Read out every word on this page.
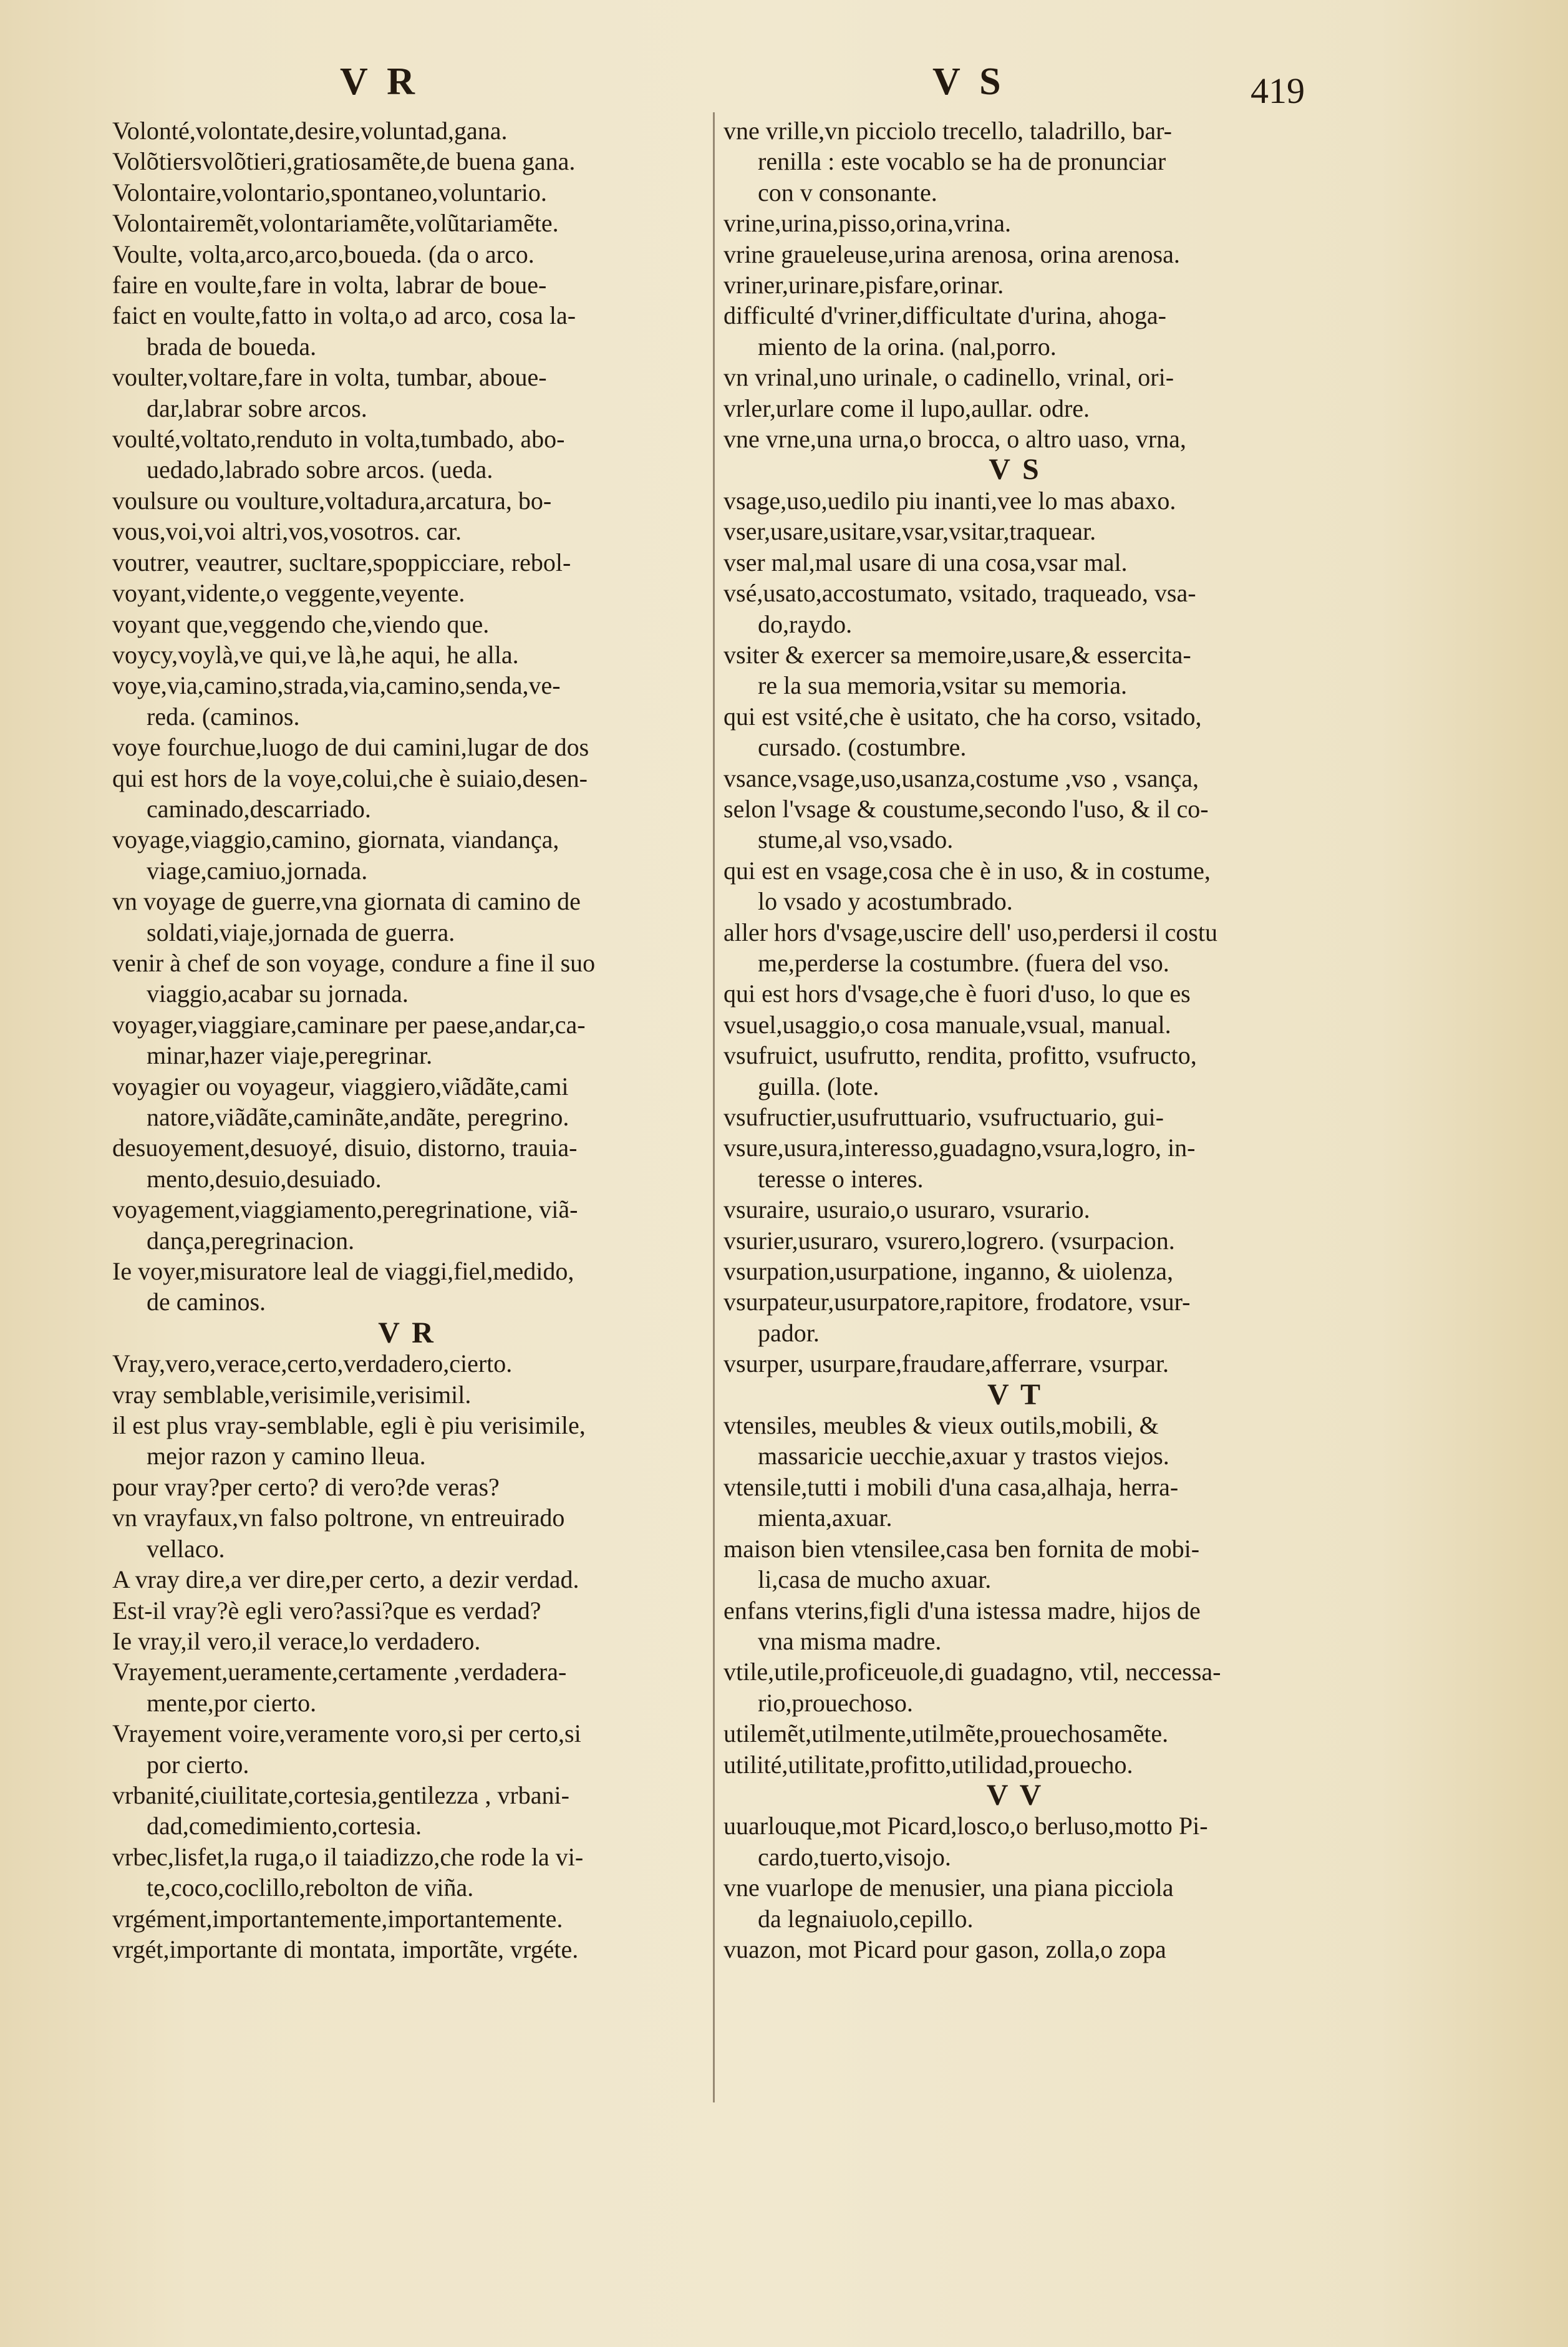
V R	V S	419

Volonté,volontate,desire,voluntad,gana.

Volõtiersvolõtieri,gratiosamẽte,de buena gana.

Volontaire,volontario,spontaneo,voluntario.

Volontairemẽt,volontariamẽte,volũtariamẽte.

Voulte, volta,arco,arco,boueda. (da o arco.

faire en voulte,fare in volta, labrar de boue-

faict en voulte,fatto in volta,o ad arco, cosa la-

brada de boueda.

voulter,voltare,fare in volta, tumbar, aboue-

dar,labrar sobre arcos.

voulté,voltato,renduto in volta,tumbado, abo-

uedado,labrado sobre arcos. (ueda.

voulsure ou voulture,voltadura,arcatura, bo-

vous,voi,voi altri,vos,vosotros. car.

voutrer, veautrer, sucltare,spoppicciare, rebol-

voyant,vidente,o veggente,veyente.

voyant que,veggendo che,viendo que.

voycy,voylà,ve qui,ve là,he aqui, he alla.

voye,via,camino,strada,via,camino,senda,ve-

reda. (caminos.

voye fourchue,luogo de dui camini,lugar de dos

qui est hors de la voye,colui,che è suiaio,desen-

caminado,descarriado.

voyage,viaggio,camino, giornata, viandança,

viage,camiuo,jornada.

vn voyage de guerre,vna giornata di camino de

soldati,viaje,jornada de guerra.

venir à chef de son voyage, condure a fine il suo

viaggio,acabar su jornada.

voyager,viaggiare,caminare per paese,andar,ca-

minar,hazer viaje,peregrinar.

voyagier ou voyageur, viaggiero,viãdãte,cami

natore,viãdãte,caminãte,andãte, peregrino.

desuoyement,desuoyé, disuio, distorno, trauia-

mento,desuio,desuiado.

voyagement,viaggiamento,peregrinatione, viã-

dança,peregrinacion.

Ie voyer,misuratore leal de viaggi,fiel,medido,

de caminos.

V R

Vray,vero,verace,certo,verdadero,cierto.

vray semblable,verisimile,verisimil.

il est plus vray-semblable, egli è piu verisimile,

mejor razon y camino lleua.

pour vray?per certo? di vero?de veras?

vn vrayfaux,vn falso poltrone, vn entreuirado

vellaco.

A vray dire,a ver dire,per certo, a dezir verdad.

Est-il vray?è egli vero?assi?que es verdad?

Ie vray,il vero,il verace,lo verdadero.

Vrayement,ueramente,certamente ,verdadera-

mente,por cierto.

Vrayement voire,veramente voro,si per certo,si

por cierto.

vrbanité,ciuilitate,cortesia,gentilezza , vrbani-

dad,comedimiento,cortesia.

vrbec,lisfet,la ruga,o il taiadizzo,che rode la vi-

te,coco,coclillo,rebolton de viña.

vrgément,importantemente,importantemente.

vrgét,importante di montata, importãte, vrgéte.

vne vrille,vn picciolo trecello, taladrillo, bar-

renilla : este vocablo se ha de pronunciar

con v consonante.

vrine,urina,pisso,orina,vrina.

vrine graueleuse,urina arenosa, orina arenosa.

vriner,urinare,pisfare,orinar.

difficulté d'vriner,difficultate d'urina, ahoga-

miento de la orina. (nal,porro.

vn vrinal,uno urinale, o cadinello, vrinal, ori-

vrler,urlare come il lupo,aullar. odre.

vne vrne,una urna,o brocca, o altro uaso, vrna,

V S

vsage,uso,uedilo piu inanti,vee lo mas abaxo.

vser,usare,usitare,vsar,vsitar,traquear.

vser mal,mal usare di una cosa,vsar mal.

vsé,usato,accostumato, vsitado, traqueado, vsa-

do,raydo.

vsiter & exercer sa memoire,usare,& essercita-

re la sua memoria,vsitar su memoria.

qui est vsité,che è usitato, che ha corso, vsitado,

cursado. (costumbre.

vsance,vsage,uso,usanza,costume ,vso , vsança,

selon l'vsage & coustume,secondo l'uso, & il co-

stume,al vso,vsado.

qui est en vsage,cosa che è in uso, & in costume,

lo vsado y acostumbrado.

aller hors d'vsage,uscire dell' uso,perdersi il costu

me,perderse la costumbre. (fuera del vso.

qui est hors d'vsage,che è fuori d'uso, lo que es

vsuel,usaggio,o cosa manuale,vsual, manual.

vsufruict, usufrutto, rendita, profitto, vsufructo,

guilla. (lote.

vsufructier,usufruttuario, vsufructuario, gui-

vsure,usura,interesso,guadagno,vsura,logro, in-

teresse o interes.

vsuraire, usuraio,o usuraro, vsurario.

vsurier,usuraro, vsurero,logrero. (vsurpacion.

vsurpation,usurpatione, inganno, & uiolenza,

vsurpateur,usurpatore,rapitore, frodatore, vsur-

pador.

vsurper, usurpare,fraudare,afferrare, vsurpar.

V T

vtensiles, meubles & vieux outils,mobili, &

massaricie uecchie,axuar y trastos viejos.

vtensile,tutti i mobili d'una casa,alhaja, herra-

mienta,axuar.

maison bien vtensilee,casa ben fornita de mobi-

li,casa de mucho axuar.

enfans vterins,figli d'una istessa madre, hijos de

vna misma madre.

vtile,utile,proficeuole,di guadagno, vtil, neccessa-

rio,prouechoso.

utilemẽt,utilmente,utilmẽte,prouechosamẽte.

utilité,utilitate,profitto,utilidad,prouecho.

V V

uuarlouque,mot Picard,losco,o berluso,motto Pi-

cardo,tuerto,visojo.

vne vuarlope de menusier, una piana picciola

da legnaiuolo,cepillo.

vuazon, mot Picard pour gason, zolla,o zopa
